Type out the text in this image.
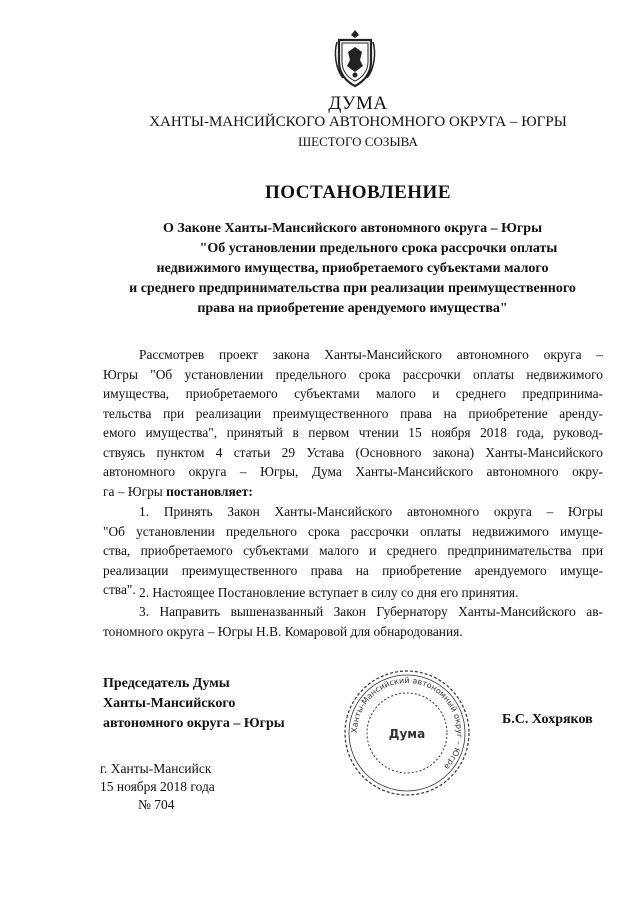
ДУМА
ХАНТЫ-МАНСИЙСКОГО АВТОНОМНОГО ОКРУГА – ЮГРЫ
ШЕСТОГО СОЗЫВА
ПОСТАНОВЛЕНИЕ
О Законе Ханты-Мансийского автономного округа – Югры
"Об установлении предельного срока рассрочки оплаты
недвижимого имущества, приобретаемого субъектами малого
и среднего предпринимательства при реализации преимущественного
права на приобретение арендуемого имущества"
Рассмотрев проект закона Ханты-Мансийского автономного округа –
Югры "Об установлении предельного срока рассрочки оплаты недвижимого
имущества, приобретаемого субъектами малого и среднего предпринима-
тельства при реализации преимущественного права на приобретение аренду-
емого имущества", принятый в первом чтении 15 ноября 2018 года, руковод-
ствуясь пунктом 4 статьи 29 Устава (Основного закона) Ханты-Мансийского
автономного округа – Югры, Дума Ханты-Мансийского автономного окру-
га – Югры постановляет:
1. Принять Закон Ханты-Мансийского автономного округа – Югры
"Об установлении предельного срока рассрочки оплаты недвижимого имуще-
ства, приобретаемого субъектами малого и среднего предпринимательства при
реализации преимущественного права на приобретение арендуемого имуще-
ства". 2. Настоящее Постановление вступает в силу со дня его принятия.
3. Направить вышеназванный Закон Губернатору Ханты-Мансийского ав-
тономного округа – Югры Н.В. Комаровой для обнародования.
Председатель Думы
Ханты-Мансийского
автономного округа – Югры	Ханты-Мансийский автономный округ – Югра
Дума
Б.С. Хохряков
г. Ханты-Мансийск
15 ноября 2018 года
№ 704
